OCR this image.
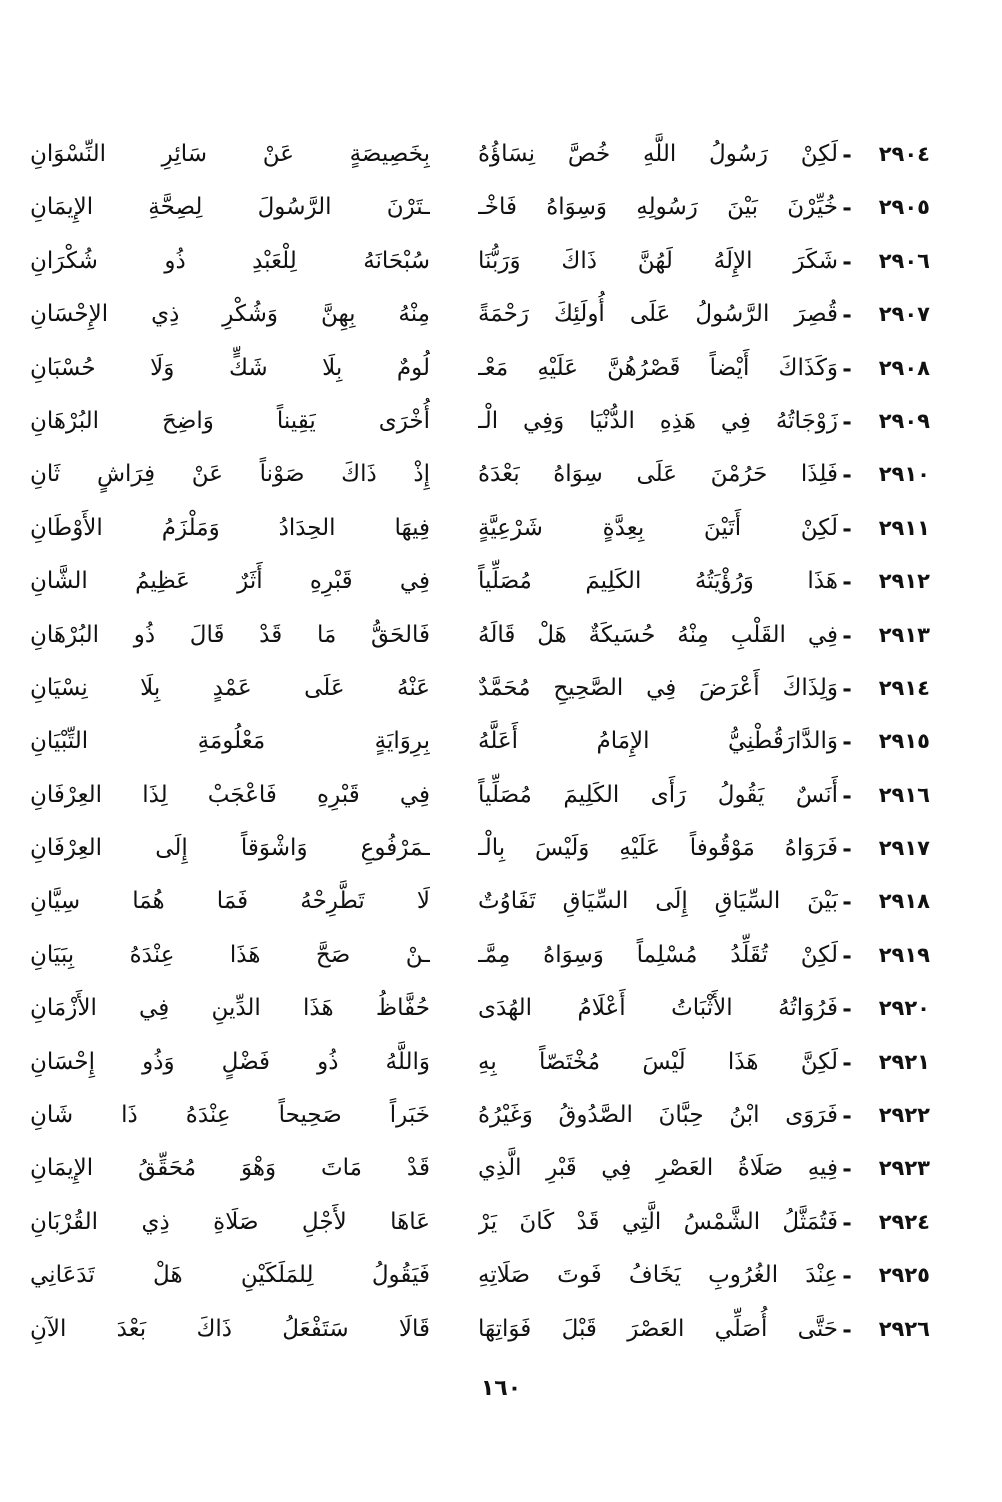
٢٩٠٤
-
لَكِنْ رَسُولُ اللَّهِ خُصَّ نِسَاؤُهُ
بِخَصِيصَةٍ عَنْ سَائِرِ النِّسْوَانِ
٢٩٠٥
-
خُيِّرْنَ بَيْنَ رَسُولِهِ وَسِوَاهُ فَاخْـ
ـتَرْنَ الرَّسُولَ لِصِحَّةِ الإِيمَانِ
٢٩٠٦
-
شَكَرَ الإِلَهُ لَهُنَّ ذَاكَ وَرَبُّنَا
سُبْحَانَهُ لِلْعَبْدِ ذُو شُكْرَانِ
٢٩٠٧
-
قُصِرَ الرَّسُولُ عَلَى أُولَئِكَ رَحْمَةً
مِنْهُ بِهِنَّ وَشُكْرِ ذِي الإِحْسَانِ
٢٩٠٨
-
وَكَذَاكَ أَيْضاً قَصْرُهُنَّ عَلَيْهِ مَعْـ
لُومٌ بِلَا شَكٍّ وَلَا حُسْبَانِ
٢٩٠٩
-
زَوْجَاتُهُ فِي هَذِهِ الدُّنْيَا وَفِي الْـ
أُخْرَى يَقِيناً وَاضِحَ البُرْهَانِ
٢٩١٠
-
فَلِذَا حَرُمْنَ عَلَى سِوَاهُ بَعْدَهُ
إِذْ ذَاكَ صَوْناً عَنْ فِرَاشٍ ثَانِ
٢٩١١
-
لَكِنْ أَتَيْنَ بِعِدَّةٍ شَرْعِيَّةٍ
فِيهَا الحِدَادُ وَمَلْزَمُ الأَوْطَانِ
٢٩١٢
-
هَذَا وَرُؤْيَتُهُ الكَلِيمَ مُصَلِّياً
فِي قَبْرِهِ أَثَرٌ عَظِيمُ الشَّانِ
٢٩١٣
-
فِي القَلْبِ مِنْهُ حُسَيكَةٌ هَلْ قَالَهُ
فَالحَقُّ مَا قَدْ قَالَ ذُو البُرْهَانِ
٢٩١٤
-
وَلِذَاكَ أَعْرَضَ فِي الصَّحِيحِ مُحَمَّدٌ
عَنْهُ عَلَى عَمْدٍ بِلَا نِسْيَانِ
٢٩١٥
-
وَالدَّارَقُطْنِيُّ الإِمَامُ أَعَلَّهُ
بِرِوَايَةٍ مَعْلُومَةِ التِّبْيَانِ
٢٩١٦
-
أَنَسٌ يَقُولُ رَأَى الكَلِيمَ مُصَلِّياً
فِي قَبْرِهِ فَاعْجَبْ لِذَا العِرْفَانِ
٢٩١٧
-
فَرَوَاهُ مَوْقُوفاً عَلَيْهِ وَلَيْسَ بِالْـ
ـمَرْفُوعِ وَاشْوَقاً إِلَى العِرْفَانِ
٢٩١٨
-
بَيْنَ السِّيَاقِ إِلَى السِّيَاقِ تَفَاوُتٌ
لَا تَطَّرِحْهُ فَمَا هُمَا سِيَّانِ
٢٩١٩
-
لَكِنْ تُقَلِّدُ مُسْلِماً وَسِوَاهُ مِمَّـ
ـنْ صَحَّ هَذَا عِنْدَهُ بِبَيَانِ
٢٩٢٠
-
فَرُوَاتُهُ الأَثْبَاتُ أَعْلَامُ الهُدَى
حُفَّاظُ هَذَا الدِّينِ فِي الأَزْمَانِ
٢٩٢١
-
لَكِنَّ هَذَا لَيْسَ مُخْتَصّاً بِهِ
وَاللَّهُ ذُو فَضْلٍ وَذُو إِحْسَانِ
٢٩٢٢
-
فَرَوَى ابْنُ حِبَّانَ الصَّدُوقُ وَغَيْرُهُ
خَبَراً صَحِيحاً عِنْدَهُ ذَا شَانِ
٢٩٢٣
-
فِيهِ صَلَاةُ العَصْرِ فِي قَبْرِ الَّذِي
قَدْ مَاتَ وَهْوَ مُحَقِّقُ الإِيمَانِ
٢٩٢٤
-
فَتُمَثَّلُ الشَّمْسُ الَّتِي قَدْ كَانَ يَرْ
عَاهَا لأَجْلِ صَلَاةِ ذِي القُرْبَانِ
٢٩٢٥
-
عِنْدَ الغُرُوبِ يَخَافُ فَوتَ صَلَاتِهِ
فَيَقُولُ لِلمَلَكَيْنِ هَلْ تَدَعَانِي
٢٩٢٦
-
حَتَّى أُصَلِّي العَصْرَ قَبْلَ فَوَاتِهَا
قَالَا سَتَفْعَلُ ذَاكَ بَعْدَ الآنِ
١٦٠
